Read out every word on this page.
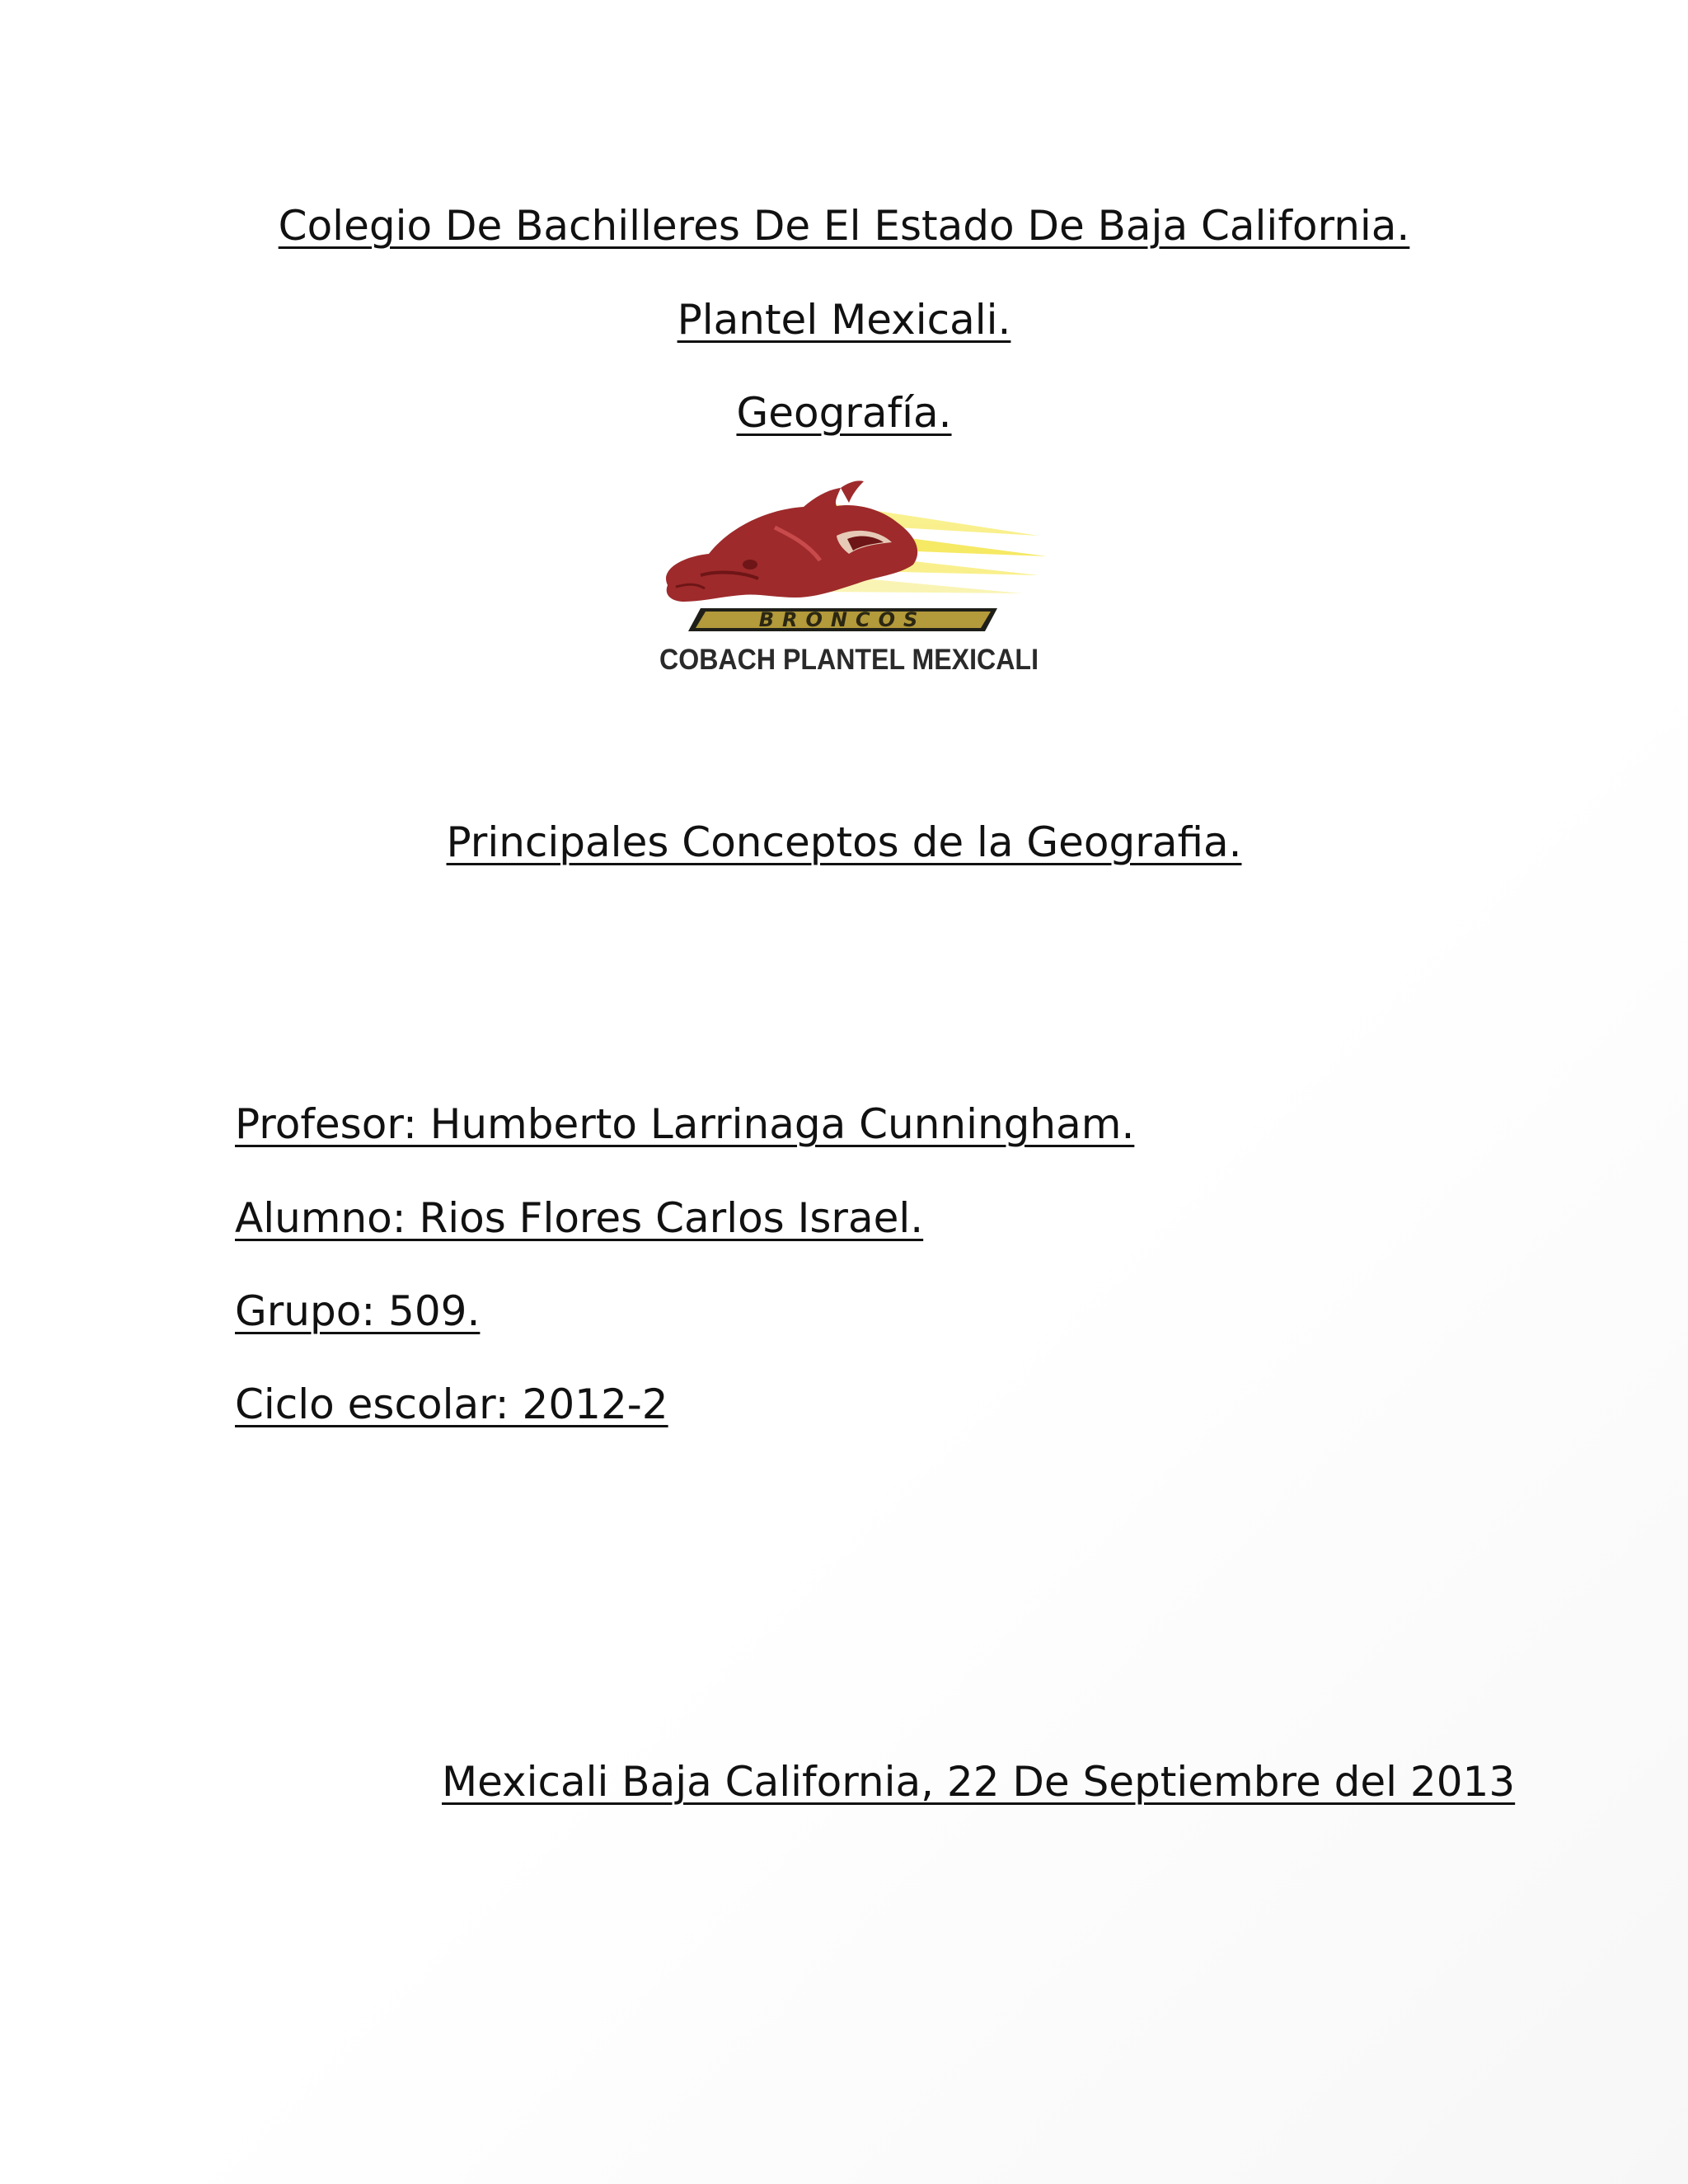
Colegio De Bachilleres De El Estado De Baja California.
Plantel Mexicali.
Geografía.
BRONCOS
COBACH PLANTEL MEXICALI
Principales Conceptos de la Geografia.
Profesor: Humberto Larrinaga Cunningham.
Alumno: Rios Flores Carlos Israel.
Grupo: 509.
Ciclo escolar: 2012-2
Mexicali Baja California, 22 De Septiembre del 2013
